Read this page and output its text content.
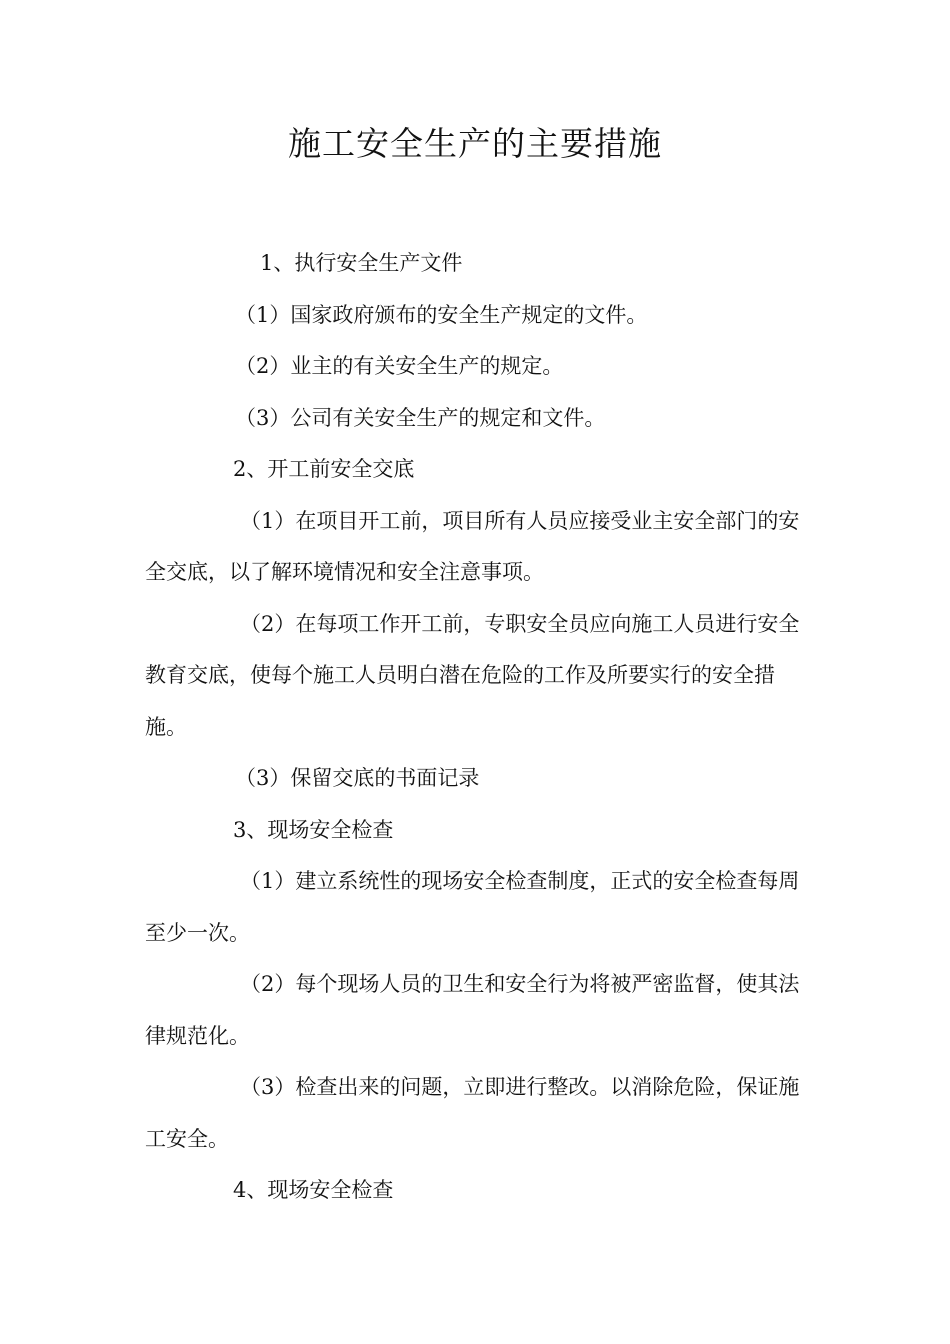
施工安全生产的主要措施

1、执行安全生产文件

（1）国家政府颁布的安全生产规定的文件。

（2）业主的有关安全生产的规定。

（3）公司有关安全生产的规定和文件。

2、开工前安全交底

（1）在项目开工前，项目所有人员应接受业主安全部门的安全交底，以了解环境情况和安全注意事项。

（2）在每项工作开工前，专职安全员应向施工人员进行安全教育交底，使每个施工人员明白潜在危险的工作及所要实行的安全措施。

（3）保留交底的书面记录

3、现场安全检查

（1）建立系统性的现场安全检查制度，正式的安全检查每周至少一次。

（2）每个现场人员的卫生和安全行为将被严密监督，使其法律规范化。

（3）检查出来的问题，立即进行整改。以消除危险，保证施工安全。

4、现场安全检查
